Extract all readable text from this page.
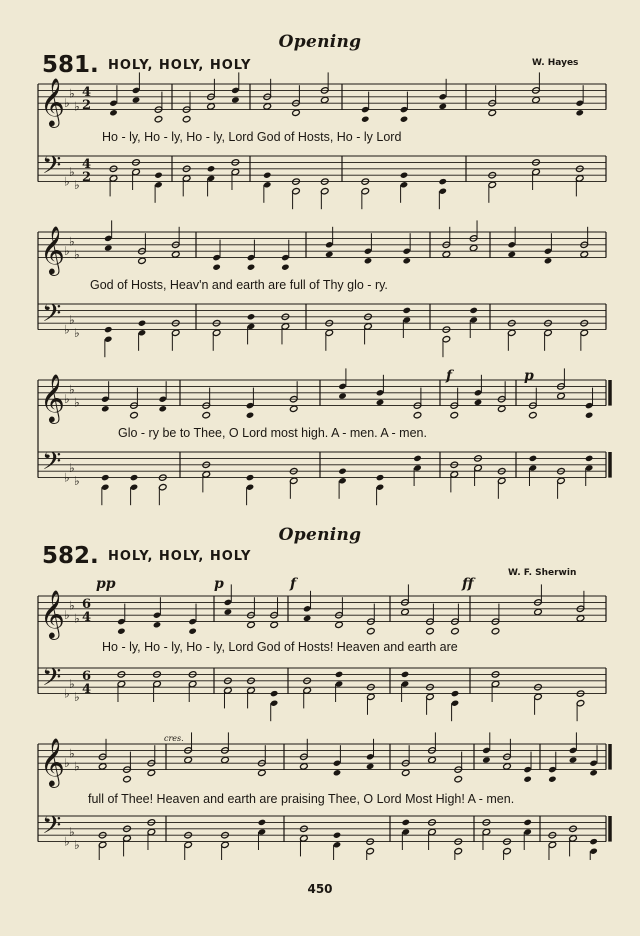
Opening
581. HOLY, HOLY, HOLY	W. Hayes
𝄞
𝄢
♭
♭
♭
♭
♭
♭
4
2
4
2
𝄞
𝄢
♭
♭
♭
♭
♭
♭
𝄞
𝄢
♭
♭
♭
♭
♭
♭
Ho - ly, Ho - ly, Ho - ly, Lord God of Hosts, Ho - ly Lord
God of Hosts, Heav'n and earth are full of Thy glo - ry.
Glo - ry be to Thee, O Lord most high. A - men. A - men.
f	p
Opening
582. HOLY, HOLY, HOLY
W. F. Sherwin
𝄞
𝄢
♭
♭
♭
♭
♭
♭
6
4
6
4
𝄞
𝄢
♭
♭
♭
♭
♭
♭
pp	p	f	ff
Ho - ly, Ho - ly, Ho - ly, Lord God of Hosts! Heaven and earth are
cres.
full of Thee! Heaven and earth are praising Thee, O Lord Most High! A - men.
450
